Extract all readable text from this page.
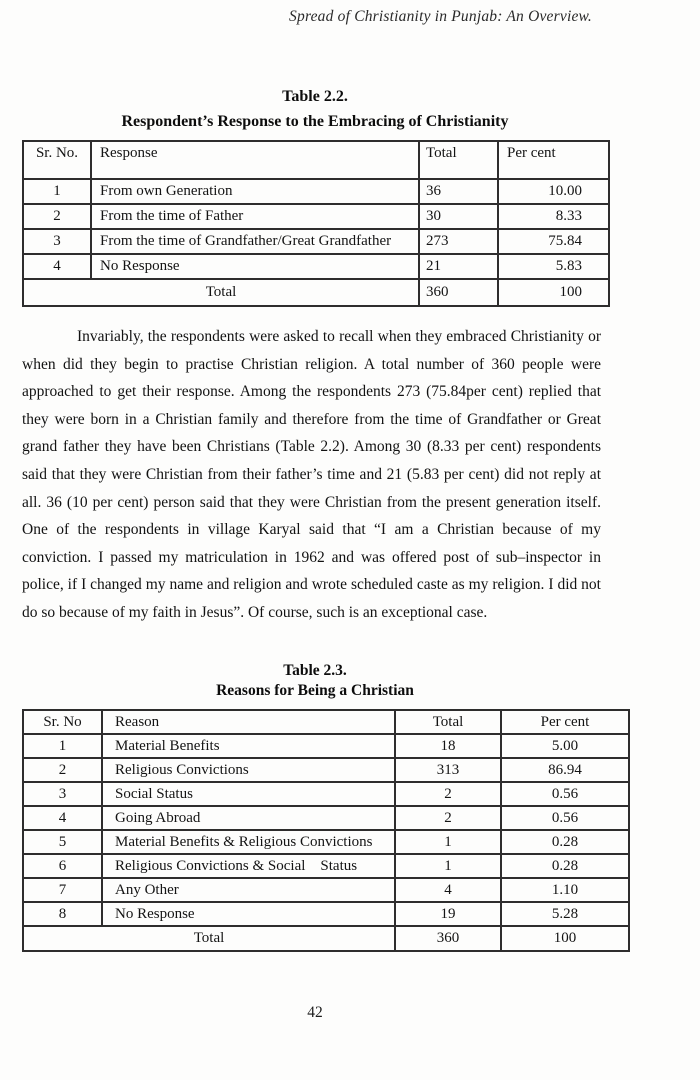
Spread of Christianity in Punjab: An Overview.
Table 2.2.
Respondent’s Response to the Embracing of Christianity
Sr. No.	Response	Total	Per cent
1	From own Generation	36	10.00
2	From the time of Father	30	8.33
3	From the time of Grandfather/Great Grandfather	273	75.84
4	No Response	21	5.83
Total		360	100

Invariably, the respondents were asked to recall when they embraced Christianity or when did they begin to practise Christian religion. A total number of 360 people were approached to get their response. Among the respondents 273 (75.84per cent) replied that they were born in a Christian family and therefore from the time of Grandfather or Great grand father they have been Christians (Table 2.2). Among 30 (8.33 per cent) respondents said that they were Christian from their father’s time and 21 (5.83 per cent) did not reply at all. 36 (10 per cent) person said that they were Christian from the present generation itself. One of the respondents in village Karyal said that “I am a Christian because of my conviction. I passed my matriculation in 1962 and was offered post of sub–inspector in police, if I changed my name and religion and wrote scheduled caste as my religion. I did not do so because of my faith in Jesus”. Of course, such is an exceptional case.

Table 2.3.
Reasons for Being a Christian
Sr. No	Reason	Total	Per cent
1	Material Benefits	18	5.00
2	Religious Convictions	313	86.94
3	Social Status	2	0.56
4	Going Abroad	2	0.56
5	Material Benefits & Religious Convictions	1	0.28
6	Religious Convictions & Social    Status	1	0.28
7	Any Other	4	1.10
8	No Response	19	5.28
Total		360	100
42
